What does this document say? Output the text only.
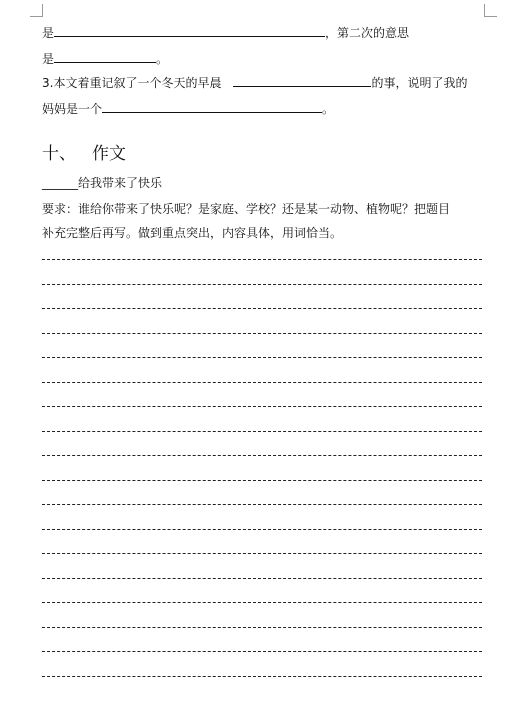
是	，第二次的意思
是	。
3.本文着重记叙了一个冬天的早晨	的事，说明了我的
妈妈是一个	。
十、 作文
______给我带来了快乐
要求：谁给你带来了快乐呢？是家庭、学校？还是某一动物、植物呢？把题目
补充完整后再写。做到重点突出，内容具体，用词恰当。
